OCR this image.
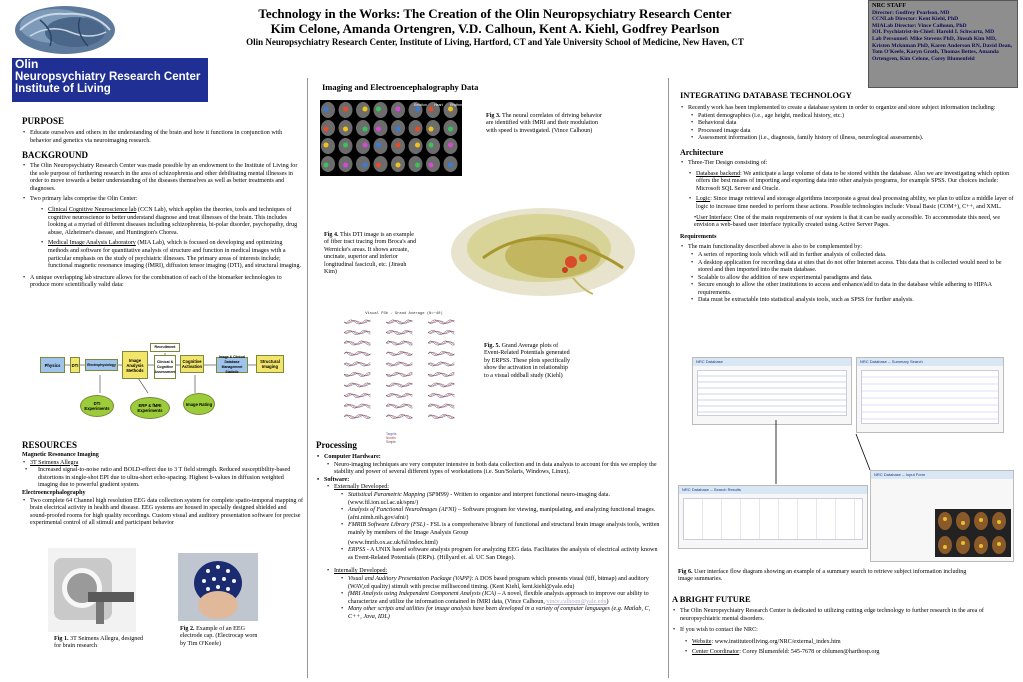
Olin
Neuropsychiatry Research Center
Institute of Living
Technology in the Works: The Creation of the Olin Neuropsychiatry Research Center
Kim Celone, Amanda Ortengren, V.D. Calhoun, Kent A. Kiehl, Godfrey Pearlson
Olin Neuropsychiatry Research Center, Institute of Living, Hartford, CT and Yale University School of Medicine, New Haven, CT
NRC STAFF
Director: Godfrey Pearlson, MD
CCNLab Director: Kent Kiehl, PhD
MIALab Director: Vince Calhoun, PhD
IOL Psychiatrist-in-Chief: Harold I. Schwartz, MD
Lab Personnel: Mike Stevens PhD, Jinsuh Kim MD, Kristen Mcknman PhD, Karen Anderson RN, David Dean, Tom O'Keefe, Karyn Groth, Thomas Bettes, Amanda Ortengren, Kim Celone, Corey Blumenfeld
PURPOSE
• Educate ourselves and others in the understanding of the brain and how it functions in conjunction with behavior and genetics via neuroimaging research.
BACKGROUND
• The Olin Neuropsychiatry Research Center was made possible by an endowment to the Institute of Living for the sole purpose of furthering research in the area of schizophrenia and other debilitating mental illnesses in order to move towards a better understanding of the diseases themselves as well as better treatments and diagnoses.
• Two primary labs comprise the Olin Center:
• Clinical Cognitive Neuroscience lab (CCN Lab), which applies the theories, tools and techniques of cognitive neuroscience to better understand diagnose and treat illnesses of the brain. This includes looking at a myriad of different diseases including schizophrenia, bi-polar disorder, psychopathy, drug abuse, Alzheimer's disease, and Huntington's Chorea.
• Medical Image Analysis Laboratory (MIA Lab), which is focused on developing and optimizing methods and software for quantitative analysis of structure and function in medical images with a particular emphasis on the study of psychiatric illnesses. The primary areas of interests include; functional magnetic resonance imaging (fMRI), diffusion tensor imaging (DTI), and structural imaging.
• A unique overlapping lab structure allows for the combination of each of the biomarker technologies to produce more scientifically valid data:
Physics	DTI	Electrophysiology
Image Analysis Methods
Recruitment
Clinical & Cognitive Assessment
Cognitive Activation
Image & Clinical Database Management Statistic
Structural Imaging
DTI Experiments
ERP & fMRI Experiments
Image Rating
RESOURCES
Magnetic Resonance Imaging
• 3T Seimens Allegra
• Increased signal-to-noise ratio and BOLD-effect due to 3 T field strength. Reduced susceptibility-based distortions in single-shot EPI due to ultra-short echo-spacing. Highest b-values in diffusion weighted imaging due to powerful gradient system.
Electroencephalography
• Two complete 64 Channel high resolution EEG data collection system for complete spatio-temporal mapping of brain electrical activity in health and disease. EEG systems are housed in specially designed shielded and sound-proofed rooms for high quality recordings. Custom visual and auditory presentation software for precise experimental control of all stimuli and participant behavior
Fig 1. 3T Seimens Allegra, designed for brain research
Fig 2. Example of an EEG electrode cap. (Electrocap worn by Tim O'Keefe)
Imaging and Electroencephalography Data
Emotion Heart Rhythm
Fig 3. The neural correlates of driving behavior are identified with fMRI and their modulation with speed is investigated. (Vince Calhoun)
Fig 4. This DTI image is an example of fiber tract tracing from Broca's and Wernicke's areas. It shows arcuate, uncinate, superior and inferior longitudinal fasciculi, etc. (Jinsuh Kim)
Visual P3b - Grand Average (N=~40)
Targets
Novels
Simple
Fig. 5. Grand Average plots of Event-Related Potentials generated by ERPSS. These plots specifically show the activation in relationship to a visual oddball study (Kiehl)
Processing
• Computer Hardware:
• Neuro-imaging techniques are very computer intensive in both data collection and in data analysis to account for this we employ the stability and power of several different types of workstations (i.e. Sun/Solaris, Windows, Linux).
• Software:
• Externally Developed:
• Statistical Parametric Mapping (SPM99) - Written to organize and interpret functional neuro-imaging data. (www.fil.ion.ucl.ac.uk/spm/)
• Analysis of Functional NeuroImages (AFNI) – Software program for viewing, manipulating, and analyzing functional images. (afni.nimh.nih.gov/afni/)
• FMRIB Software Library (FSL) - FSL is a comprehensive library of functional and structural brain image analysis tools, written mainly by members of the Image Analysis Group
(www.fmrib.ox.ac.uk/fsl/index.html)
• ERPSS - A UNIX based software analysis program for analyzing EEG data. Facilitates the analysis of electrical activity known as Event-Related Potentials (ERPs). (Hillyard et. al. UC San Diego).
• Internally Developed:
• Visual and Auditory Presentation Package (VAPP): A DOS based program which presents visual (tiff, bitmap) and auditory (WAV,cd quality) stimuli with precise millisecond timing. (Kent Kiehl, kent.kiehl@yale.edu)
• fMRI Analysis using Independent Component Analysis (ICA) – A novel, flexible analysis approach to improve our ability to characterize and utilize the information contained in fMRI data, (Vince Calhoun, vince.calhoun@yale.edu)
• Many other scripts and utilities for image analysis have been developed in a variety of computer languages (e.g. Matlab, C, C++, Java, IDL)
INTEGRATING DATABASE TECHNOLOGY
• Recently work has been implemented to create a database system in order to organize and store subject information including:
• Patient demographics (i.e., age height, medical history, etc.)
• Behavioral data
• Processed image data
• Assessment information (i.e., diagnosis, family history of illness, neurological assessments).
Architecture
• Three-Tier Design consisting of:
• Database backend: We anticipate a large volume of data to be stored within the database. Also we are investigating which option offers the best means of importing and exporting data into other analysis programs, for example SPSS. Our choices include: Microsoft SQL Server and Oracle.
• Logic: Since image retrieval and storage algorithms incorporate a great deal processing ability, we plan to utilize a middle layer of logic to increase time needed to perform these actions. Possible technologies include: Visual Basic (COM+), C++, and XML.
•User Interface: One of the main requirements of our system is that it can be easily accessible. To accommodate this need, we envision a web-based user interface typically created using Active Server Pages.
Requirements
• The main functionality described above is also to be complemented by:
• A series of reporting tools which will aid in further analysis of collected data.
• A desktop application for recording data at sites that do not offer Internet access. This data that is collected would need to be stored and then imported into the main database.
• Scalable to allow the addition of new experimental paradigms and data.
• Secure enough to allow the other institutions to access and enhance/add to data in the database while adhering to HIPAA requirements.
• Data must be extractable into statistical analysis tools, such as SPSS for further analysis.
NRC Database	NRC Database -- Summary Search
NRC Database -- Search Results
NRC Database -- Input Form
Fig 6. User interface flow diagram showing an example of a summary search to retrieve subject information including image summaries.
A BRIGHT FUTURE
• The Olin Neuropsychiatry Research Center is dedicated to utilizing cutting edge technology to further research in the area of neuropsychiatric mental disorders.
• If you wish to contact the NRC:
• Website: www.instituteofliving.org/NRC/external_index.htm
• Center Coordinator: Corey Blumenfeld: 545-7678 or cblumen@harthosp.org
